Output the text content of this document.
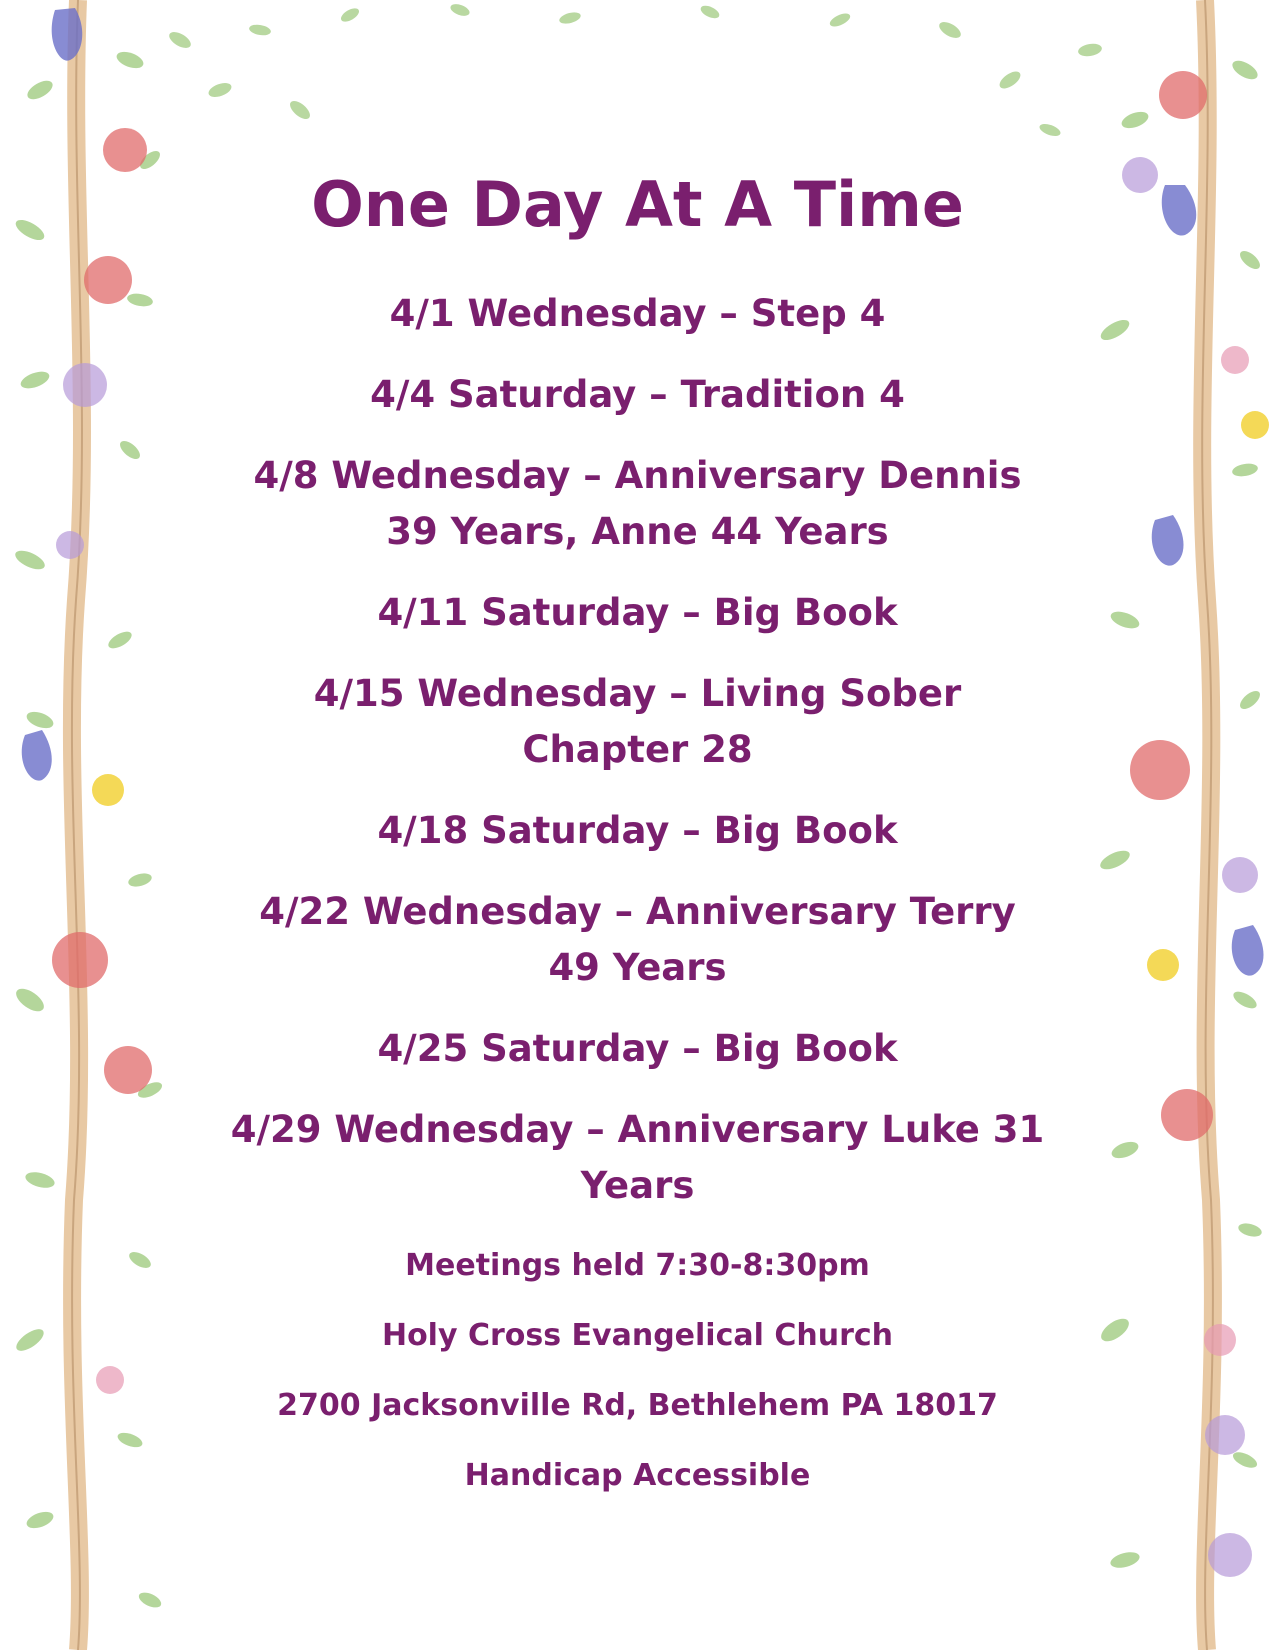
One Day At A Time
4/1 Wednesday – Step 4
4/4 Saturday – Tradition 4
4/8 Wednesday – Anniversary Dennis 39 Years, Anne 44 Years
4/11 Saturday – Big Book
4/15 Wednesday – Living Sober Chapter 28
4/18 Saturday – Big Book
4/22 Wednesday – Anniversary Terry 49 Years
4/25 Saturday – Big Book
4/29 Wednesday – Anniversary Luke 31 Years

Meetings held 7:30-8:30pm

Holy Cross Evangelical Church

2700 Jacksonville Rd, Bethlehem PA 18017

Handicap Accessible
